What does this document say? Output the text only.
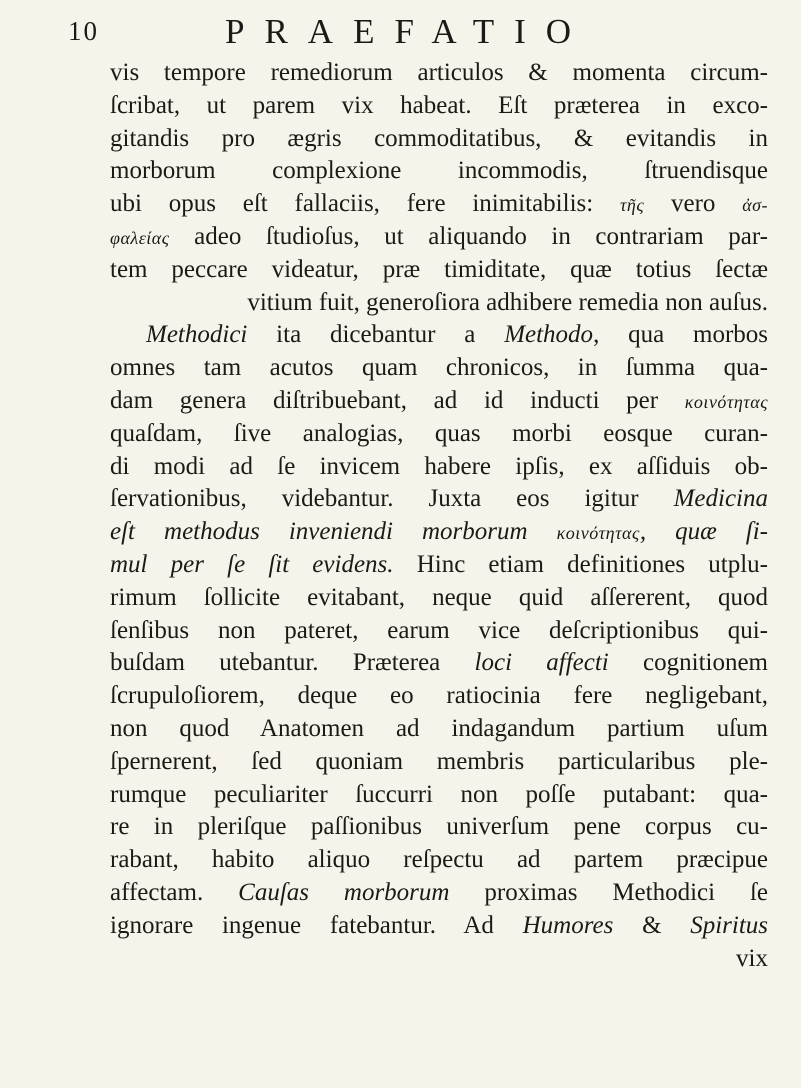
10	PRAEFATIO
vis tempore remediorum articulos & momenta circum-
ſcribat, ut parem vix habeat. Eſt præterea in exco-
gitandis pro ægris commoditatibus, & evitandis in
morborum complexione incommodis, ſtruendisque
ubi opus eſt fallaciis, fere inimitabilis: τῆς vero ἀσ-
φαλείας adeo ſtudioſus, ut aliquando in contrariam par-
tem peccare videatur, præ timiditate, quæ totius ſectæ
vitium fuit, generoſiora adhibere remedia non auſus.
Methodici ita dicebantur a Methodo, qua morbos
omnes tam acutos quam chronicos, in ſumma qua-
dam genera diſtribuebant, ad id inducti per κοινότητας
quaſdam, ſive analogias, quas morbi eosque curan-
di modi ad ſe invicem habere ipſis, ex aſſiduis ob-
ſervationibus, videbantur. Juxta eos igitur Medicina
eſt methodus inveniendi morborum κοινότητας, quæ ſi-
mul per ſe ſit evidens. Hinc etiam definitiones utplu-
rimum ſollicite evitabant, neque quid aſſererent, quod
ſenſibus non pateret, earum vice deſcriptionibus qui-
buſdam utebantur. Præterea loci affecti cognitionem
ſcrupuloſiorem, deque eo ratiocinia fere negligebant,
non quod Anatomen ad indagandum partium uſum
ſpernerent, ſed quoniam membris particularibus ple-
rumque peculiariter ſuccurri non poſſe putabant: qua-
re in pleriſque paſſionibus univerſum pene corpus cu-
rabant, habito aliquo reſpectu ad partem præcipue
affectam. Cauſas morborum proximas Methodici ſe
ignorare ingenue fatebantur. Ad Humores & Spiritus
vix
